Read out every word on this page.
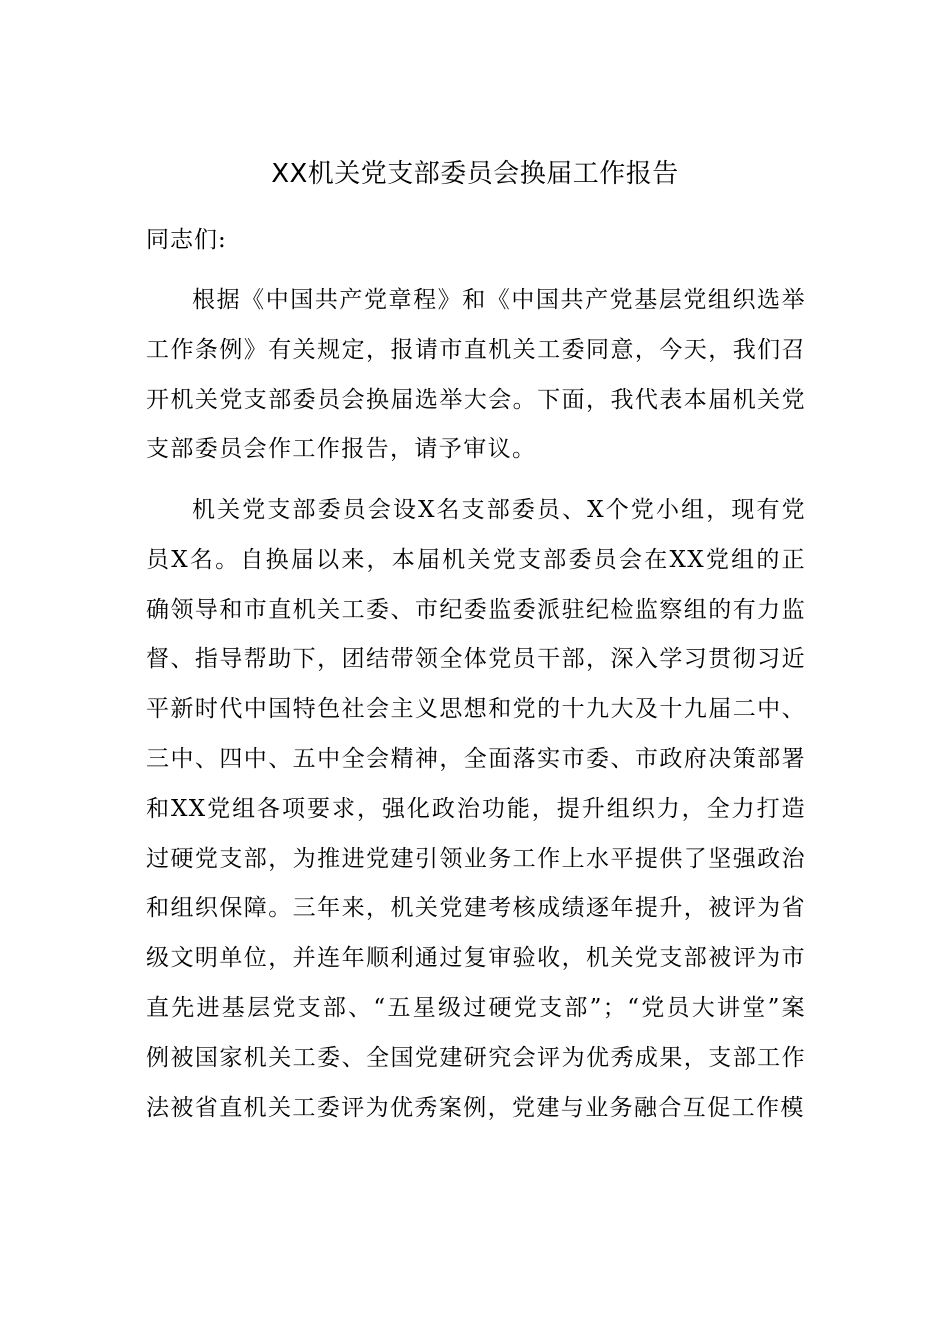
XX机关党支部委员会换届工作报告
同志们:

根据《中国共产党章程》和《中国共产党基层党组织选举工作条例》有关规定，报请市直机关工委同意，今天，我们召开机关党支部委员会换届选举大会。下面，我代表本届机关党支部委员会作工作报告，请予审议。

机关党支部委员会设X名支部委员、X个党小组，现有党员X名。自换届以来，本届机关党支部委员会在XX党组的正确领导和市直机关工委、市纪委监委派驻纪检监察组的有力监督、指导帮助下，团结带领全体党员干部，深入学习贯彻习近平新时代中国特色社会主义思想和党的十九大及十九届二中、三中、四中、五中全会精神，全面落实市委、市政府决策部署和XX党组各项要求，强化政治功能，提升组织力，全力打造过硬党支部，为推进党建引领业务工作上水平提供了坚强政治和组织保障。三年来，机关党建考核成绩逐年提升，被评为省级文明单位，并连年顺利通过复审验收，机关党支部被评为市直先进基层党支部、“五星级过硬党支部”；“党员大讲堂”案例被国家机关工委、全国党建研究会评为优秀成果，支部工作法被省直机关工委评为优秀案例，党建与业务融合互促工作模
